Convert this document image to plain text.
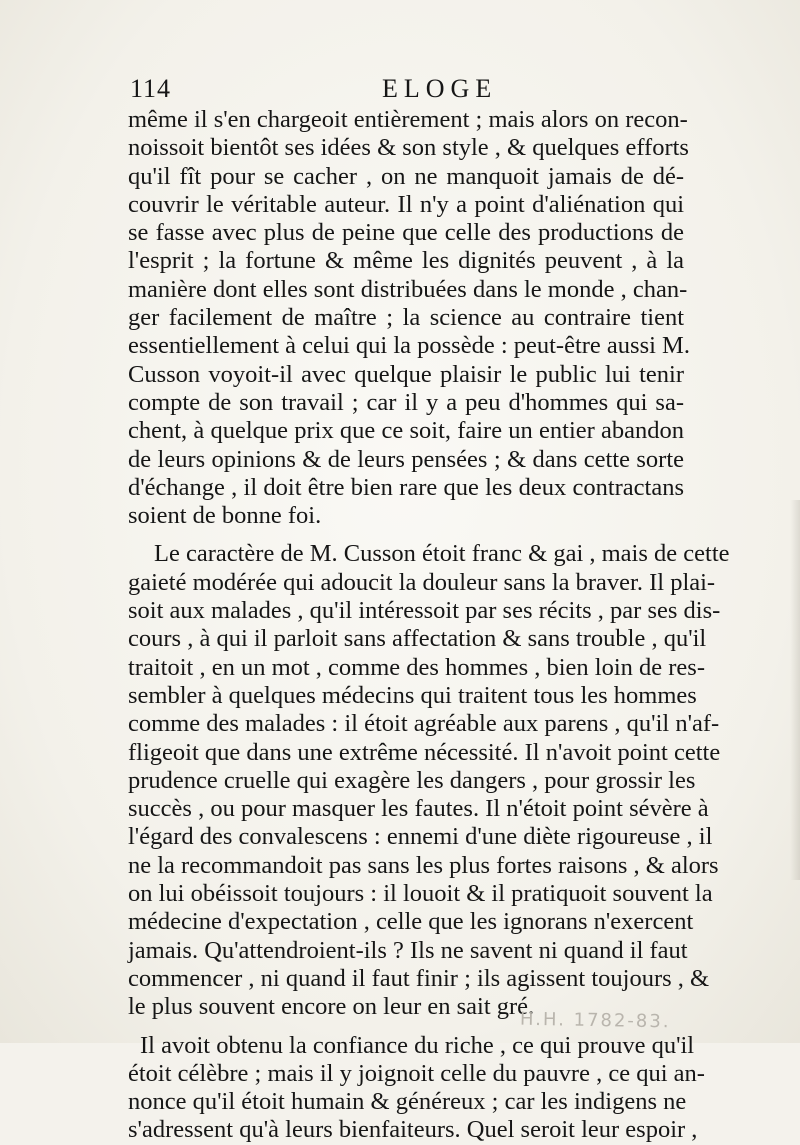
114	ELOGE
même il s'en chargeoit entièrement ; mais alors on recon-
noissoit bientôt ses idées & son style , & quelques efforts
qu'il fît pour se cacher , on ne manquoit jamais de dé-
couvrir le véritable auteur. Il n'y a point d'aliénation qui
se fasse avec plus de peine que celle des productions de
l'esprit ; la fortune & même les dignités peuvent , à la
manière dont elles sont distribuées dans le monde , chan-
ger facilement de maître ; la science au contraire tient
essentiellement à celui qui la possède : peut-être aussi M.
Cusson voyoit-il avec quelque plaisir le public lui tenir
compte de son travail ; car il y a peu d'hommes qui sa-
chent, à quelque prix que ce soit, faire un entier abandon
de leurs opinions & de leurs pensées ; & dans cette sorte
d'échange , il doit être bien rare que les deux contractans
soient de bonne foi.
Le caractère de M. Cusson étoit franc & gai , mais de cette
gaieté modérée qui adoucit la douleur sans la braver. Il plai-
soit aux malades , qu'il intéressoit par ses récits , par ses dis-
cours , à qui il parloit sans affectation & sans trouble , qu'il
traitoit , en un mot , comme des hommes , bien loin de res-
sembler à quelques médecins qui traitent tous les hommes
comme des malades : il étoit agréable aux parens , qu'il n'af-
fligeoit que dans une extrême nécessité. Il n'avoit point cette
prudence cruelle qui exagère les dangers , pour grossir les
succès , ou pour masquer les fautes. Il n'étoit point sévère à
l'égard des convalescens : ennemi d'une diète rigoureuse , il
ne la recommandoit pas sans les plus fortes raisons , & alors
on lui obéissoit toujours : il louoit & il pratiquoit souvent la
médecine d'expectation , celle que les ignorans n'exercent
jamais. Qu'attendroient-ils ? Ils ne savent ni quand il faut
commencer , ni quand il faut finir ; ils agissent toujours , &
le plus souvent encore on leur en sait gré.
Il avoit obtenu la confiance du riche , ce qui prouve qu'il
étoit célèbre ; mais il y joignoit celle du pauvre , ce qui an-
nonce qu'il étoit humain & généreux ; car les indigens ne
s'adressent qu'à leurs bienfaiteurs. Quel seroit leur espoir ,
H.H. 1782-83.
